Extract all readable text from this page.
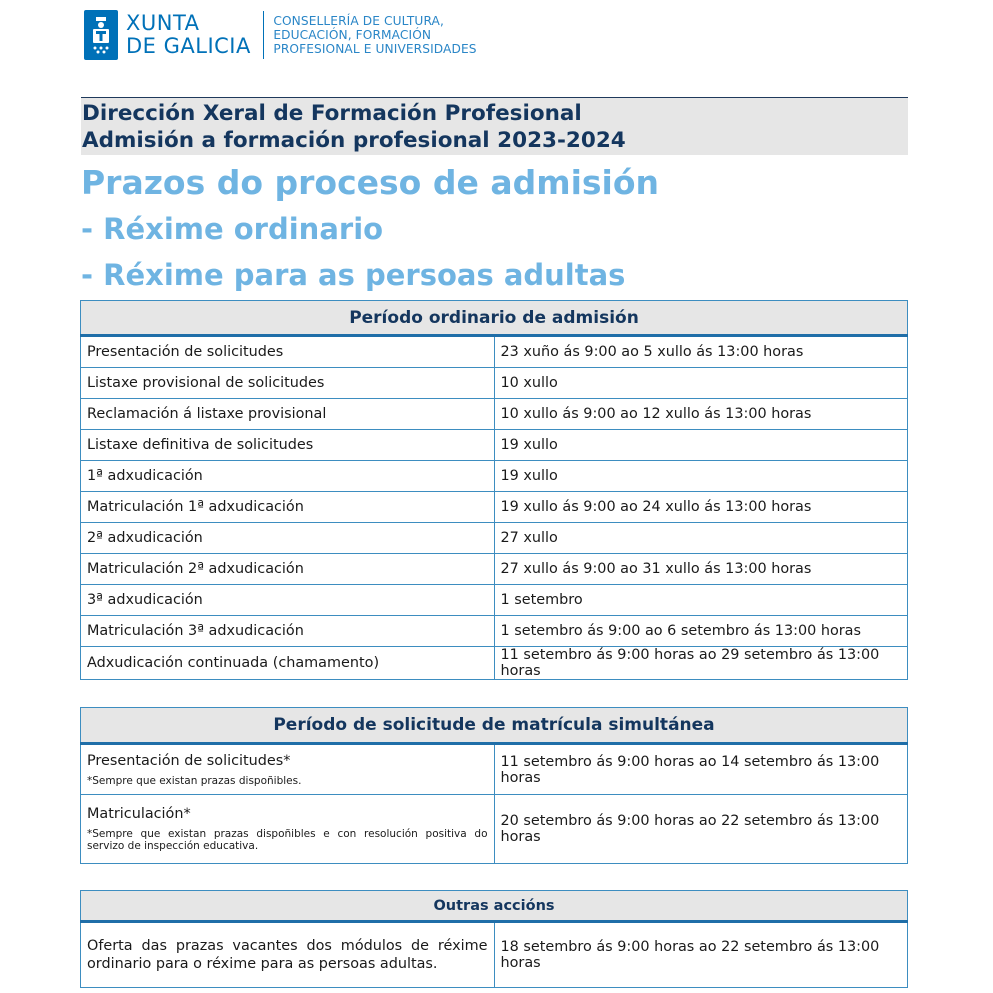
XUNTA
DE GALICIA
CONSELLERÍA DE CULTURA,
EDUCACIÓN, FORMACIÓN
PROFESIONAL E UNIVERSIDADES
Dirección Xeral de Formación Profesional
Admisión a formación profesional 2023-2024
Prazos do proceso de admisión
- Réxime ordinario
- Réxime para as persoas adultas
Período ordinario de admisión	
Presentación de solicitudes	23 xuño ás 9:00 ao 5 xullo ás 13:00 horas
Listaxe provisional de solicitudes	10 xullo
Reclamación á listaxe provisional	10 xullo ás 9:00 ao 12 xullo ás 13:00 horas
Listaxe definitiva de solicitudes	19 xullo
1ª adxudicación	19 xullo
Matriculación 1ª adxudicación	19 xullo ás 9:00 ao 24 xullo ás 13:00 horas
2ª adxudicación	27 xullo
Matriculación 2ª adxudicación	27 xullo ás 9:00 ao 31 xullo ás 13:00 horas
3ª adxudicación	1 setembro
Matriculación 3ª adxudicación	1 setembro ás 9:00 ao 6 setembro ás 13:00 horas
Adxudicación continuada (chamamento)	11 setembro ás 9:00 horas ao 29 setembro ás 13:00 horas
Período de solicitude de matrícula simultánea	

Presentación de solicitudes*
*Sempre que existan prazas dispoñibles.	11 setembro ás 9:00 horas ao 14 setembro ás 13:00 horas

Matriculación*
*Sempre que existan prazas dispoñibles e con resolución positiva do servizo de inspección educativa.	20 setembro ás 9:00 horas ao 22 setembro ás 13:00 horas
Outras accións
Oferta das prazas vacantes dos módulos de réxime ordinario para o réxime para as persoas adultas.	18 setembro ás 9:00 horas ao 22 setembro ás 13:00 horas
